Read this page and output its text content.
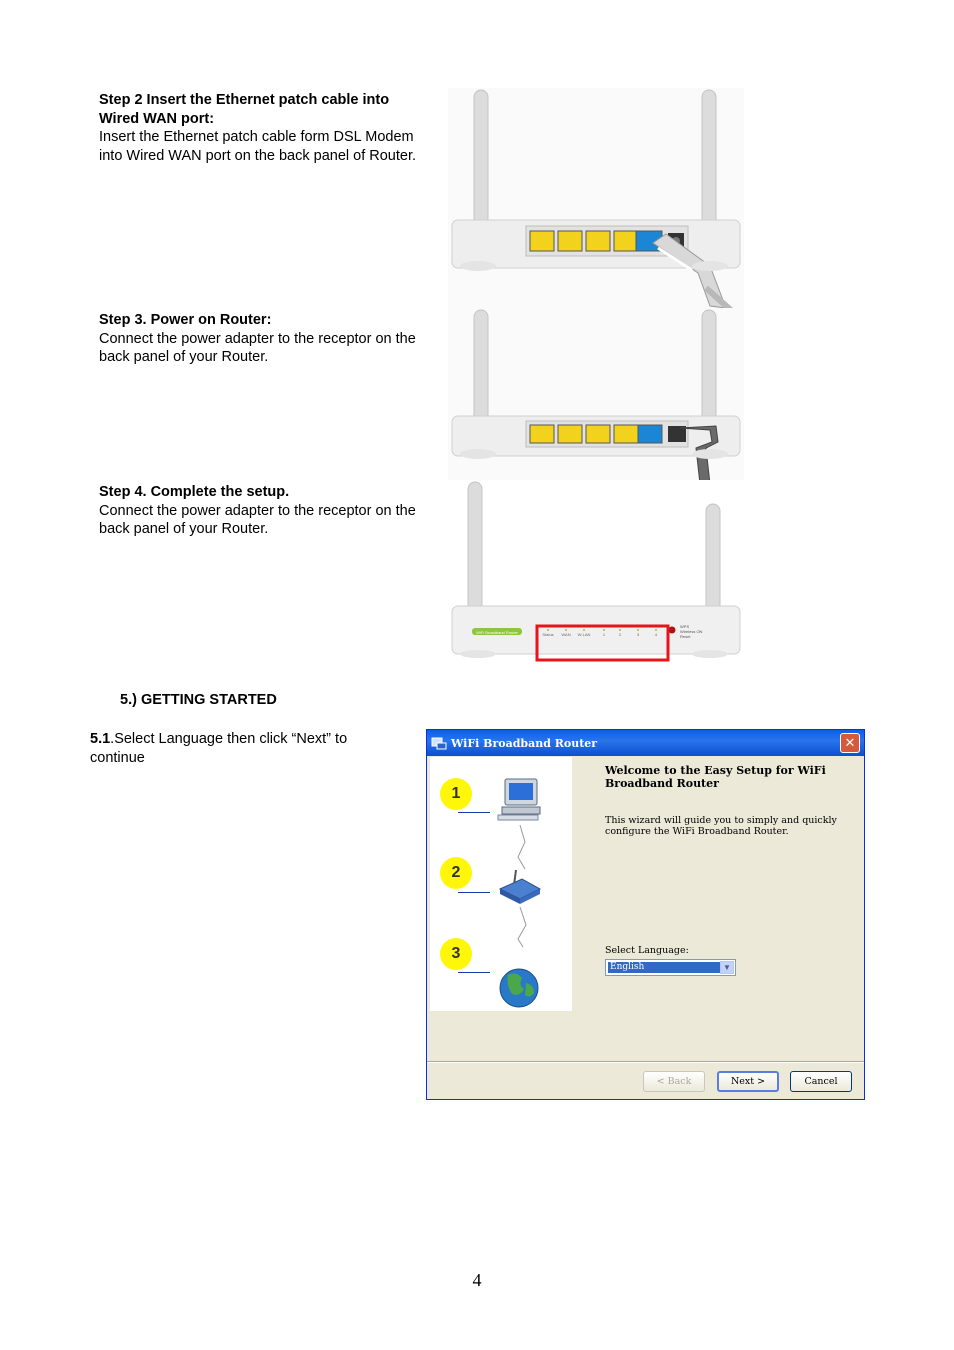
Step 2 Insert the Ethernet patch cable into Wired WAN port:
Insert the Ethernet patch cable form DSL Modem into Wired WAN port on the back panel of Router.
Step 3. Power on Router:
Connect the power adapter to the receptor on the back panel of your Router.
Step 4. Complete the setup.
Connect the power adapter to the receptor on the back panel of your Router.
WiFi Broadband Router	Status WAN W-LAN	1	2	3	4
WPS
Wireless ON
Reset
5.) GETTING STARTED
5.1.Select Language then click “Next” to continue
WiFi Broadband Router	✕
1
2
3
Welcome to the Easy Setup for WiFi Broadband Router
This wizard will guide you to simply and quickly configure the WiFi Broadband Router.
Select Language:
English	▼
< Back	Next >	Cancel
4
